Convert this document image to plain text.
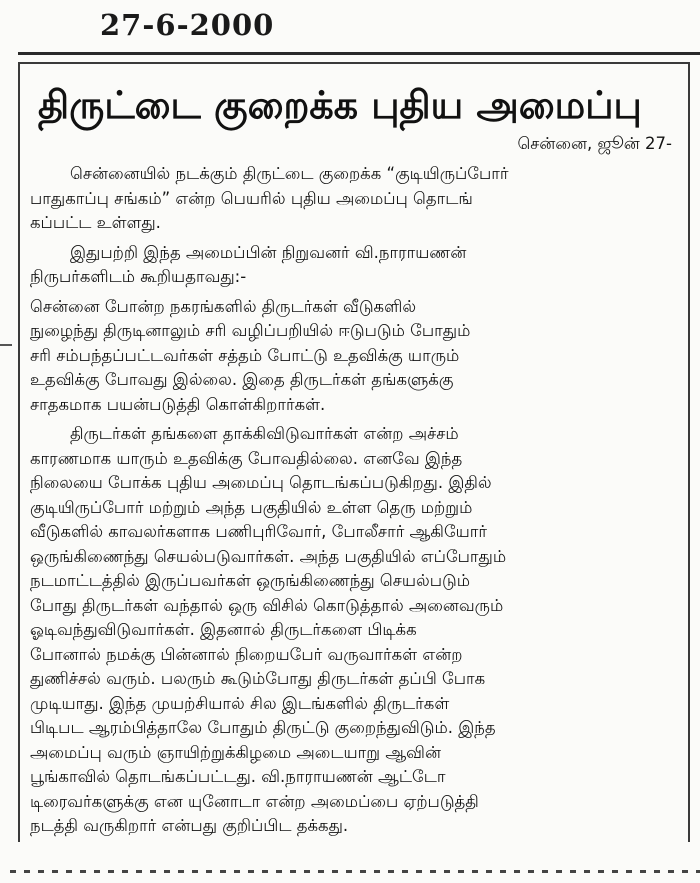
27-6-2000
திருட்டை குறைக்க புதிய அமைப்பு
சென்னை, ஜூன் 27-
சென்னையில் நடக்கும் திருட்டை குறைக்க “குடியிருப்போர்
பாதுகாப்பு சங்கம்” என்ற பெயரில் புதிய அமைப்பு தொடங்
கப்பட்ட உள்ளது.
இதுபற்றி இந்த அமைப்பின் நிறுவனர் வி.நாராயணன்
நிருபர்களிடம் கூறியதாவது:-
சென்னை போன்ற நகரங்களில் திருடர்கள் வீடுகளில்
நுழைந்து திருடினாலும் சரி வழிப்பறியில் ஈடுபடும் போதும்
சரி சம்பந்தப்பட்டவர்கள் சத்தம் போட்டு உதவிக்கு யாரும்
உதவிக்கு போவது இல்லை. இதை திருடர்கள் தங்களுக்கு
சாதகமாக பயன்படுத்தி கொள்கிறார்கள்.
திருடர்கள் தங்களை தாக்கிவிடுவார்கள் என்ற அச்சம்
காரணமாக யாரும் உதவிக்கு போவதில்லை. எனவே இந்த
நிலையை போக்க புதிய அமைப்பு தொடங்கப்படுகிறது. இதில்
குடியிருப்போர் மற்றும் அந்த பகுதியில் உள்ள தெரு மற்றும்
வீடுகளில் காவலர்களாக பணிபுரிவோர், போலீசார் ஆகியோர்
ஒருங்கிணைந்து செயல்படுவார்கள். அந்த பகுதியில் எப்போதும்
நடமாட்டத்தில் இருப்பவர்கள் ஒருங்கிணைந்து செயல்படும்
போது திருடர்கள் வந்தால் ஒரு விசில் கொடுத்தால் அனைவரும்
ஓடிவந்துவிடுவார்கள். இதனால் திருடர்களை பிடிக்க
போனால் நமக்கு பின்னால் நிறையபேர் வருவார்கள் என்ற
துணிச்சல் வரும். பலரும் கூடும்போது திருடர்கள் தப்பி போக
முடியாது. இந்த முயற்சியால் சில இடங்களில் திருடர்கள்
பிடிபட ஆரம்பித்தாலே போதும் திருட்டு குறைந்துவிடும். இந்த
அமைப்பு வரும் ஞாயிற்றுக்கிழமை அடையாறு ஆவின்
பூங்காவில் தொடங்கப்பட்டது. வி.நாராயணன் ஆட்டோ
டிரைவர்களுக்கு என யுனோடா என்ற அமைப்பை ஏற்படுத்தி
நடத்தி வருகிறார் என்பது குறிப்பிட தக்கது.
